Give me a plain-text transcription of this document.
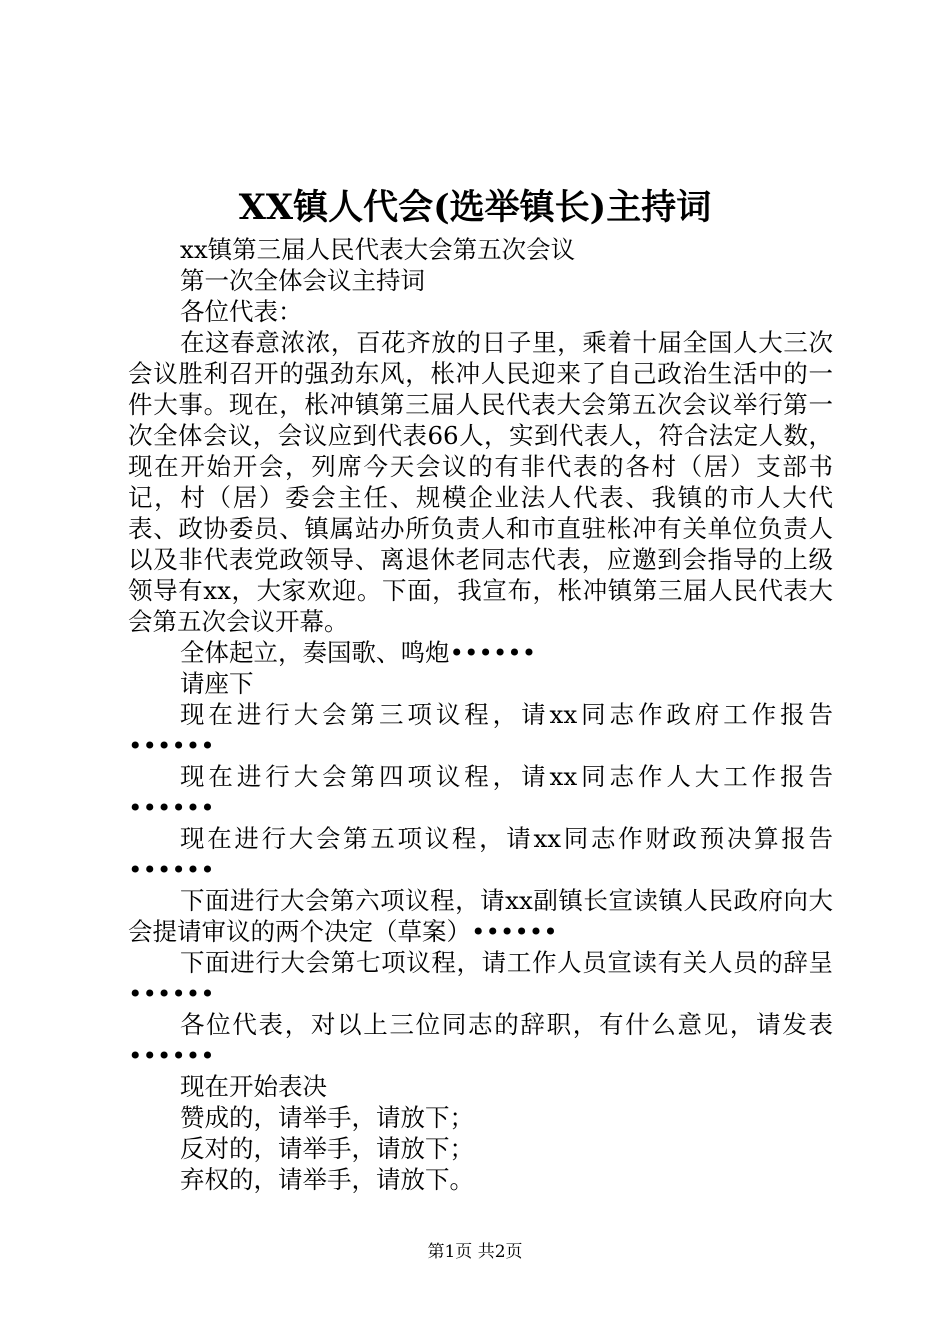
XX镇人代会(选举镇长)主持词

xx镇第三届人民代表大会第五次会议

第一次全体会议主持词

各位代表：

在这春意浓浓，百花齐放的日子里，乘着十届全国人大三次会议胜利召开的强劲东风，枨冲人民迎来了自己政治生活中的一件大事。现在，枨冲镇第三届人民代表大会第五次会议举行第一次全体会议，会议应到代表66人，实到代表人，符合法定人数，现在开始开会，列席今天会议的有非代表的各村（居）支部书记，村（居）委会主任、规模企业法人代表、我镇的市人大代表、政协委员、镇属站办所负责人和市直驻枨冲有关单位负责人以及非代表党政领导、离退休老同志代表，应邀到会指导的上级领导有xx，大家欢迎。下面，我宣布，枨冲镇第三届人民代表大会第五次会议开幕。

全体起立，奏国歌、鸣炮••••••

请座下

现在进行大会第三项议程，请xx同志作政府工作报告••••••

现在进行大会第四项议程，请xx同志作人大工作报告••••••

现在进行大会第五项议程，请xx同志作财政预决算报告••••••

下面进行大会第六项议程，请xx副镇长宣读镇人民政府向大会提请审议的两个决定（草案）••••••

下面进行大会第七项议程，请工作人员宣读有关人员的辞呈••••••

各位代表，对以上三位同志的辞职，有什么意见，请发表••••••

现在开始表决

赞成的，请举手，请放下；

反对的，请举手，请放下；

弃权的，请举手，请放下。

第1页 共2页
